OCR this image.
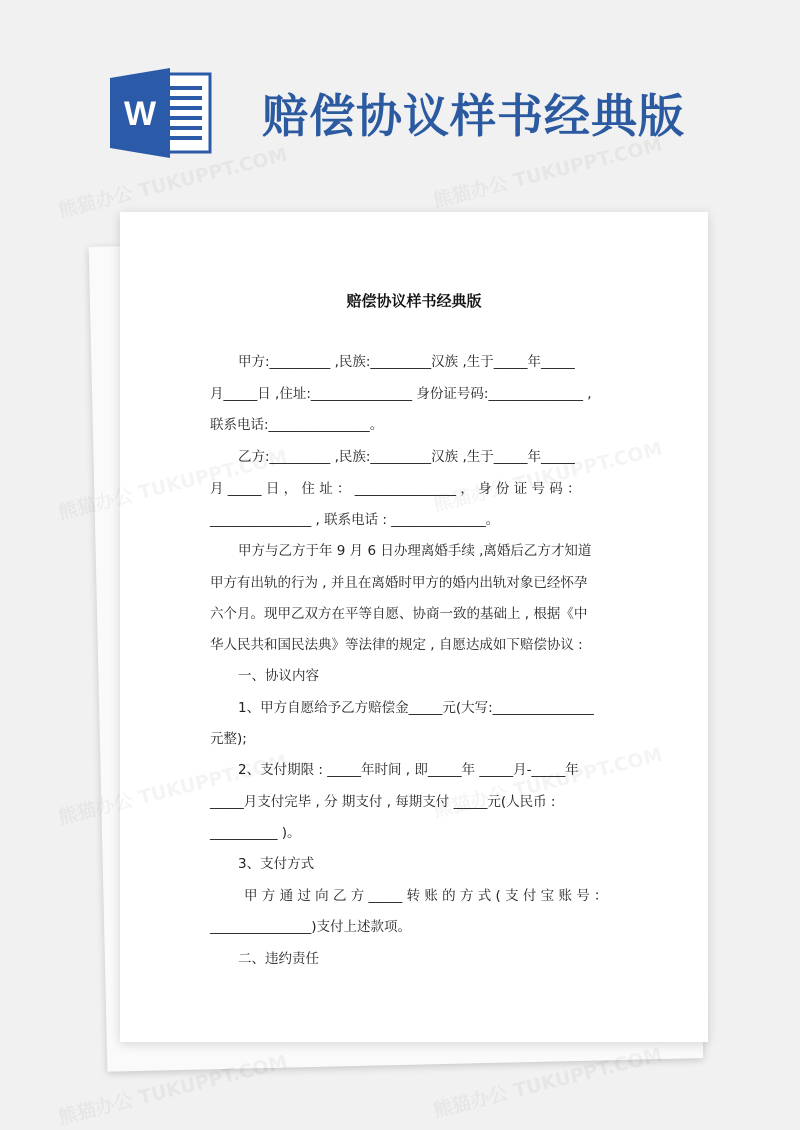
W 赔偿协议样书经典版
赔偿协议样书经典版
甲方:_________ ,民族:_________汉族 ,生于_____年_____
月_____日 ,住址:_______________ 身份证号码:______________ ,
联系电话:_______________。
乙方:_________ ,民族:_________汉族 ,生于_____年_____
月 _____ 日 ， 住 址 ： _______________ ， 身 份 证 号 码 ：
_______________ , 联系电话 : ______________。
甲方与乙方于年 9 月 6 日办理离婚手续 ,离婚后乙方才知道
甲方有出轨的行为 , 并且在离婚时甲方的婚内出轨对象已经怀孕
六个月。现甲乙双方在平等自愿、协商一致的基础上 , 根据《中
华人民共和国民法典》等法律的规定 , 自愿达成如下赔偿协议 :
一、协议内容
1、甲方自愿给予乙方赔偿金_____元(大写:_______________
元整);
2、支付期限 : _____年时间 , 即_____年 _____月-_____年
_____月支付完毕 , 分 期支付 , 每期支付 _____元(人民币 :
__________ )。
3、支付方式
甲 方 通 过 向 乙 方 _____ 转 账 的 方 式 ( 支 付 宝 账 号 ：
_______________)支付上述款项。
二、违约责任
